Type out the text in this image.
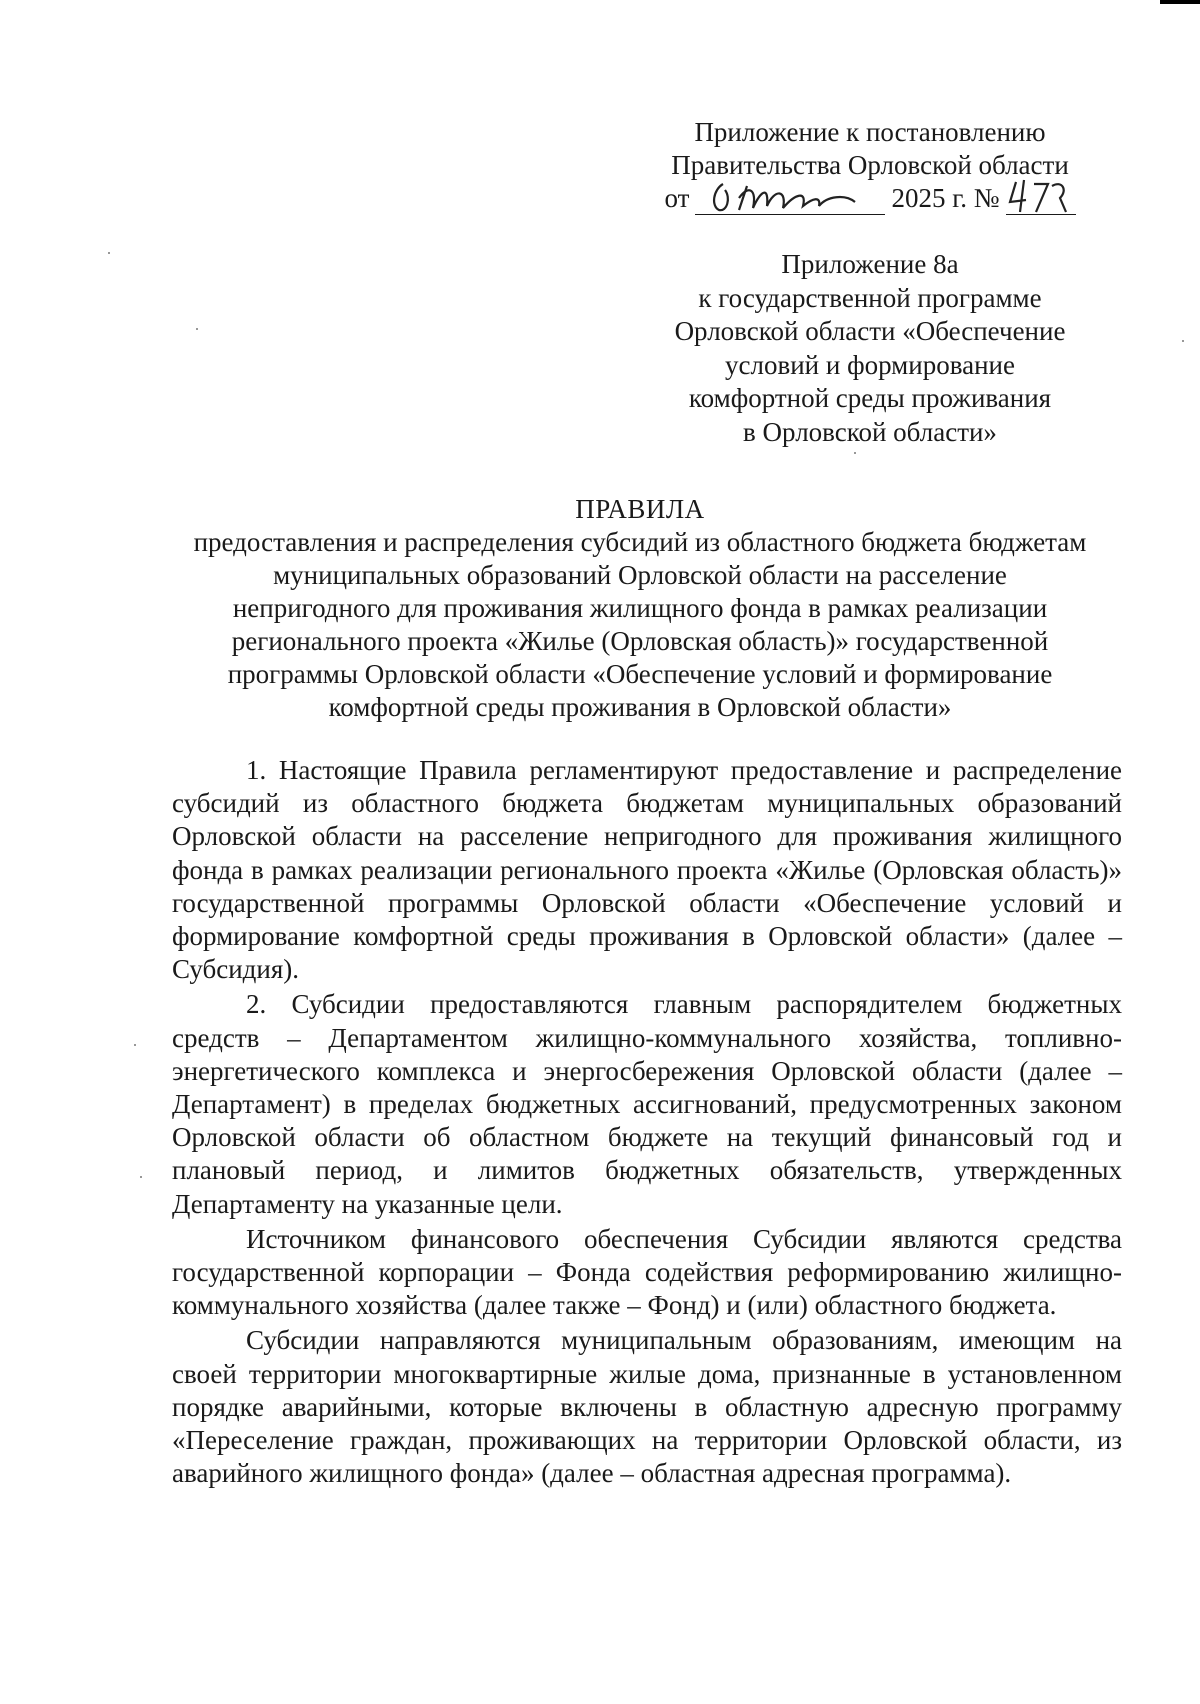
Приложение к постановлению
Правительства Орловской области
от	2025 г. №
Приложение 8а
к государственной программе
Орловской области «Обеспечение
условий и формирование
комфортной среды проживания
в Орловской области»
ПРАВИЛА
предоставления и распределения субсидий из областного бюджета бюджетам
муниципальных образований Орловской области на расселение
непригодного для проживания жилищного фонда в рамках реализации
регионального проекта «Жилье (Орловская область)» государственной
программы Орловской области «Обеспечение условий и формирование
комфортной среды проживания в Орловской области»

1. Настоящие Правила регламентируют предоставление и распределение субсидий из областного бюджета бюджетам муниципальных образований Орловской области на расселение непригодного для проживания жилищного фонда в рамках реализации регионального проекта «Жилье (Орловская область)» государственной программы Орловской области «Обеспечение условий и формирование комфортной среды проживания в Орловской области» (далее – Субсидия).

2. Субсидии предоставляются главным распорядителем бюджетных средств – Департаментом жилищно-коммунального хозяйства, топливно-энергетического комплекса и энергосбережения Орловской области (далее – Департамент) в пределах бюджетных ассигнований, предусмотренных законом Орловской области об областном бюджете на текущий финансовый год и плановый период, и лимитов бюджетных обязательств, утвержденных Департаменту на указанные цели.

Источником финансового обеспечения Субсидии являются средства государственной корпорации – Фонда содействия реформированию жилищно-коммунального хозяйства (далее также – Фонд) и (или) областного бюджета.

Субсидии направляются муниципальным образованиям, имеющим на своей территории многоквартирные жилые дома, признанные в установленном порядке аварийными, которые включены в областную адресную программу «Переселение граждан, проживающих на территории Орловской области, из аварийного жилищного фонда» (далее – областная адресная программа).
